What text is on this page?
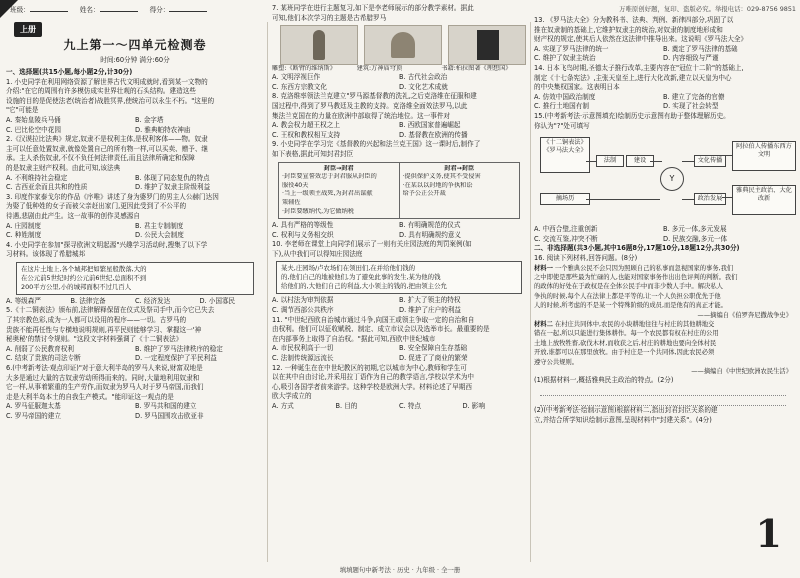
万唯原创好题，复印、盗版必究。举报电话：029-8756 9851
班级：	姓名：	得分：
上册
九上第一～四单元检测卷
时间:60分钟 满分:60分

一、选择题(共15小题,每小题2分,计30分)

1. 小史同学在利用网络资源了解世界古代文明成就时,看到某一文物的

介绍:"在它的周围有许多模仿成实世界壮观的石头结构。建造这些

设施的目的是促使法老(统治者)战胜冥界,使统治可以永生不朽。"这里的

"它"可能是

A. 秦始皇陵兵马俑	B. 金字塔
C. 巴比伦空中花园	D. 雅典帕特农神庙

2.《汉谟拉比法典》规定,奴隶不是权利主体,是权利客体——物。奴隶

主可以任意处置奴隶,就像处置自己的所有物一样,可以买卖、赠予、继

承。主人杀伤奴隶,不仅不负任何法律责任,而且法律所确定和保障

的是奴隶主财产权利。由此可知,该法典

A. 不利维持社会稳定	B. 体现了同态复仇的特点
C. 古西亚余而且共和的性质	D. 维护了奴隶主阶级利益

3. 印度作家泰戈尔的作品《序唯》讲述了身为婆罗门的男主人公赫门达因

为娶了低种姓的女子而被父亲赶出家门,更因此受到了不公平的

待遇,悲剧由此产生。这一故事的创作灵感源自

A. 庄园制度	B. 君主专制制度
C. 种姓制度	D. 公民大会制度

4. 小史同学在参加"探寻欧洲文明起源"兴趣学习活动时,搜集了以下学

习材料。该体现了希腊城邦

在这片土地上,各个城邦把如繁星般散落,大的

在公元前5世纪时约公元前6世纪,总面积不到

200平方公里,小的城邦面积不过几百人

A. 等级森严	B. 法律完备	C. 经济发达	D. 小国寡民

5.《十二铜表法》颁布前,法律解释保留在仪式及祭司手中,而今它已失去

了其宗教色彩,成为一人都可以设用的程序——一切。古罗马的

贵族不能再任性与专横地说明规则,再平民则能够学习、掌握这一'神

秘奥秘'的禁讨令规则。"这段文字材料强调了《十二铜表法》

A. 削弱了公民教育权利	B. 维护了罗马法律秩序的稳定
C. 结束了贵族的司法专断	D. 一定程度保护了平民利益

6.(中考新考法·观点印证)"对于意大利半岛的罗马人来说,财富双地是

大多是通过大量的古奴隶劳动所得而来的。同时,大量地利用奴隶和

它一样,从事着繁重的生产劳作,而奴隶为罗马人对于罗马帝国,而我们

走是大利半岛本土的自我生产模式。"能印证这一观点的是

A. 罗马征服迦太基	B. 罗马共和国的建立
C. 罗马帝国的建立	D. 罗马国围攻击欧亚非

7. 某班同学在进行主题复习,如下是李老师展示的部分教学素材。据此

可知,他们本次学习的主题是古希腊罗马

雕塑:《断臂的维纳斯》	建筑:万神庙穹顶	书籍:柏拉图著《理想国》
A. 文明浮视巨作	B. 古代社会政治
C. 东西方宗教文化	D. 文化艺术成就

8. 克洛维率领法兰克建立"罗马源基督教的洗礼,之后克洛维在征服和建

国过程中,得到了罗马教廷及主教的支持。克洛维全面效法罗马,以此

集法兰克国在的力量在欧洲中部取得了统治地位。这一事件对

A. 教会权力超王权之上	B. 西欧国家普遍崛起
C. 王权和教权相互支持	D. 基督教在欧洲的传播

9. 小史同学在学习完《基督教的兴起和法兰克王国》这一课时后,制作了

如下表格,据此可知封君封臣

封臣→封君

·封臣要宣誓效忠于封君服从封臣的

服役40天

·当上一级领主战死,为封君出谋献

策辅佐

·封臣要缴纳代,为它做纳税

封君→封臣

·提供保护义务,使其不受侵害

·在某以以封地的争执和讼

给予公正公开裁

A. 具有严格的等级性	B. 有明确规范的仪式
C. 权利与义务相交织	D. 具有明确规约意义

10. 李老师在课堂上向同学们展示了一则有关庄园法庭的判罚案例(如

下),从中我们可以得知庄园法庭

某夫,庄园场/卢农场们在领田们,在并给他们钱的

的,他们自己的地被他们,为了避免此事的发生,某为他的钱

给他们的,大他们自己的利益,大小领主的钱的,把由领主公允

A. 以村法为审判依据	B. 扩大了领主的特权
C. 调节西部公共秩序	D. 维护了庄户的利益

11. "中世纪西欧自治城市通过斗争,向国王或领主争取一定的自治和自

由权利。他们可以征收赋税、制定、成立市议会以及选举市长。最重要的是

在内部事务上取得了自治权。"据此可知,西欧中世纪城市

A. 市民权利高于一切	B. 安全保障自生存基础
C. 法制传统源远流长	D. 促进了了商业的繁荣

12. 一种诞生在在中世纪教区的初期,它以城市为中心,教师和学生可

以在其中自由讨论,并采用拉丁语作为自己的教学语言,学校以学术为中

心,吸引各国学者前来游学。这种学校是欧洲大学。材料论述了早期西

欧大学成立的

A. 方式	B. 目的	C. 特点	D. 影响

13. 《罗马法大全》分为教科书、法典、判例、新律四部分,巩固了以

推在奴隶制的基础上,它维护奴隶主的统治,对奴隶的制度地形成和

财产权的规定,使其后人依然在这法律中推导出来。这说明《罗马法大全》

A. 实现了罗马法律的统一	B. 奠定了罗马法律的基础
C. 维护了奴隶主统治	D. 内容细致与严谨

14. 日本飞鸟时期,圣德太子推行改革,主要内容在"冠位十二阶"的基础上,

制定《十七条宪法》,主张天皇至上,进行大化改新,建立以天皇为中心

的中央集权国家。这表明日本

A. 仿效中国政治制度	B. 建立了完备的官僚
C. 推行土地国有制	D. 实现了社会转型

15.(中考新考法·示意图填充)绘制历史示意图有助于整体理解历史。

你认为"?"处可填写

《十二铜表法》《罗马法大全》
摘场历
法制	建设
Y
文化传播
政治发展
阿拉伯人传播东西方文明
雅典民主政治、大化改新
A. 中西合璧,注重创新	B. 多元一体,多元发展
C. 交流互鉴,冲突不断	D. 民族交融,多元一体

二、非选择题(共3小题,其中16题8分,17题10分,18题12分,共30分)

16. 阅读下列材料,回答问题。(8分)

材料一 一个雅典公民不会只因为照顾自己的私事而忽视国家的事务,我们

之中即使是那些最为忙碌的人,也能对国家事务作出出色评判的判断。我们

的政体的好处在于政权是在全体公民手中而非少数人手中。解决私人

争执的时候,每个人在法律上都是平等的,让一个人负担公职优先于他

人的时候,所考虑的不是某一个特殊阶级的成员,而是他有的真正才能。

——摘编自《伯罗奔尼撒战争史》

材料二 在村庄共同体中,农民的小块耕地往往与村庄的其他耕地交

错在一起,所以只能进行集体耕作。每一个农民都有权在村庄的公用

土地上放牧牲畜,砍伐木材,而收获之后,村庄的耕地也要向全体村民

开放,谁都可以在那里放牧。由于村庄是一个共同体,因此农民必须

遵守公共规则。

——摘编自《中世纪欧洲农民生活》

(1)根据材料一,概括雅典民主政治的特点。(2分)

(2)(中考新考法·绘制示意图)根据材料二,指出封君封臣关系的建

立,并结合所学知识绘制示意图,呈现材料中"封建关系"。(4分)

1
填填题句中新考法 · 历史 · 九年级 · 全一册
